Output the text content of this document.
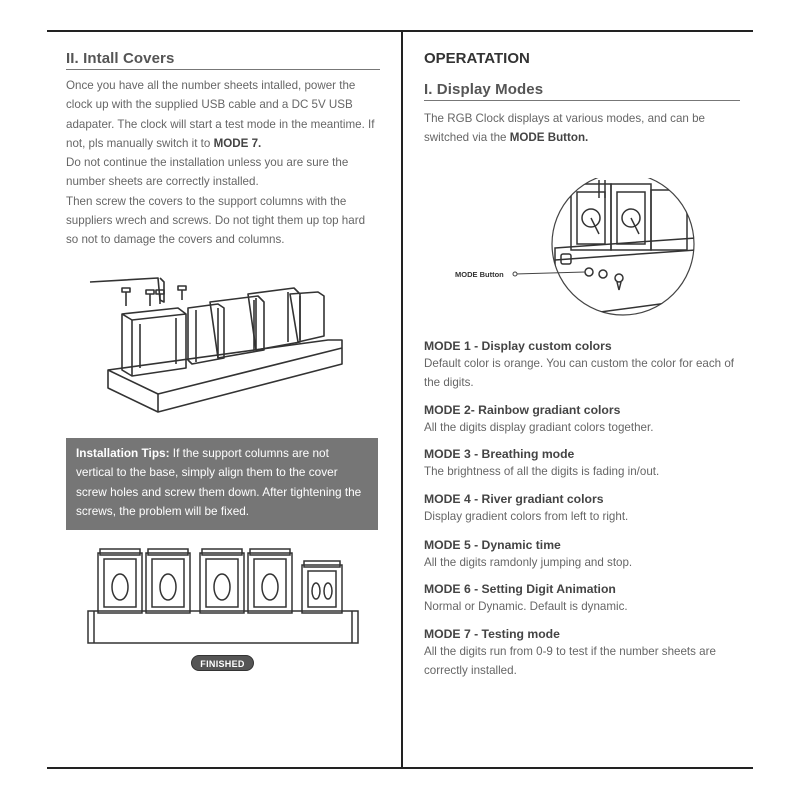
II. Intall Covers

Once you have all the number sheets intalled, power the clock up with the supplied USB cable and a DC 5V USB adapater. The clock will start a test mode in the meantime. If not, pls manually switch it to MODE 7.
Do not continue the installation unless you are sure the number sheets are correctly installed.
Then screw the covers to the support columns with the suppliers wrech and screws. Do not tight them up top hard so not to damage the covers and columns.

Installation Tips: If the support columns are not vertical to the base, simply align them to the cover screw holes and screw them down. After tightening the screws, the problem will be fixed.
FINISHED
OPERATATION
I. Display Modes

The RGB Clock displays at various modes, and can be switched via the MODE Button.

MODE Button

MODE 1 - Display custom colors

Default color is orange. You can custom the color for each of the digits.

MODE 2- Rainbow gradiant colors

All the digits display gradiant colors together.

MODE 3 - Breathing mode

The brightness of all the digits is fading in/out.

MODE 4 - River gradiant colors

Display gradient colors from left to right.

MODE 5 - Dynamic time

All the digits ramdonly jumping and stop.

MODE 6 - Setting Digit Animation

Normal or Dynamic. Default is dynamic.

MODE 7 - Testing mode

All the digits run from 0-9 to test if the number sheets are correctly installed.
